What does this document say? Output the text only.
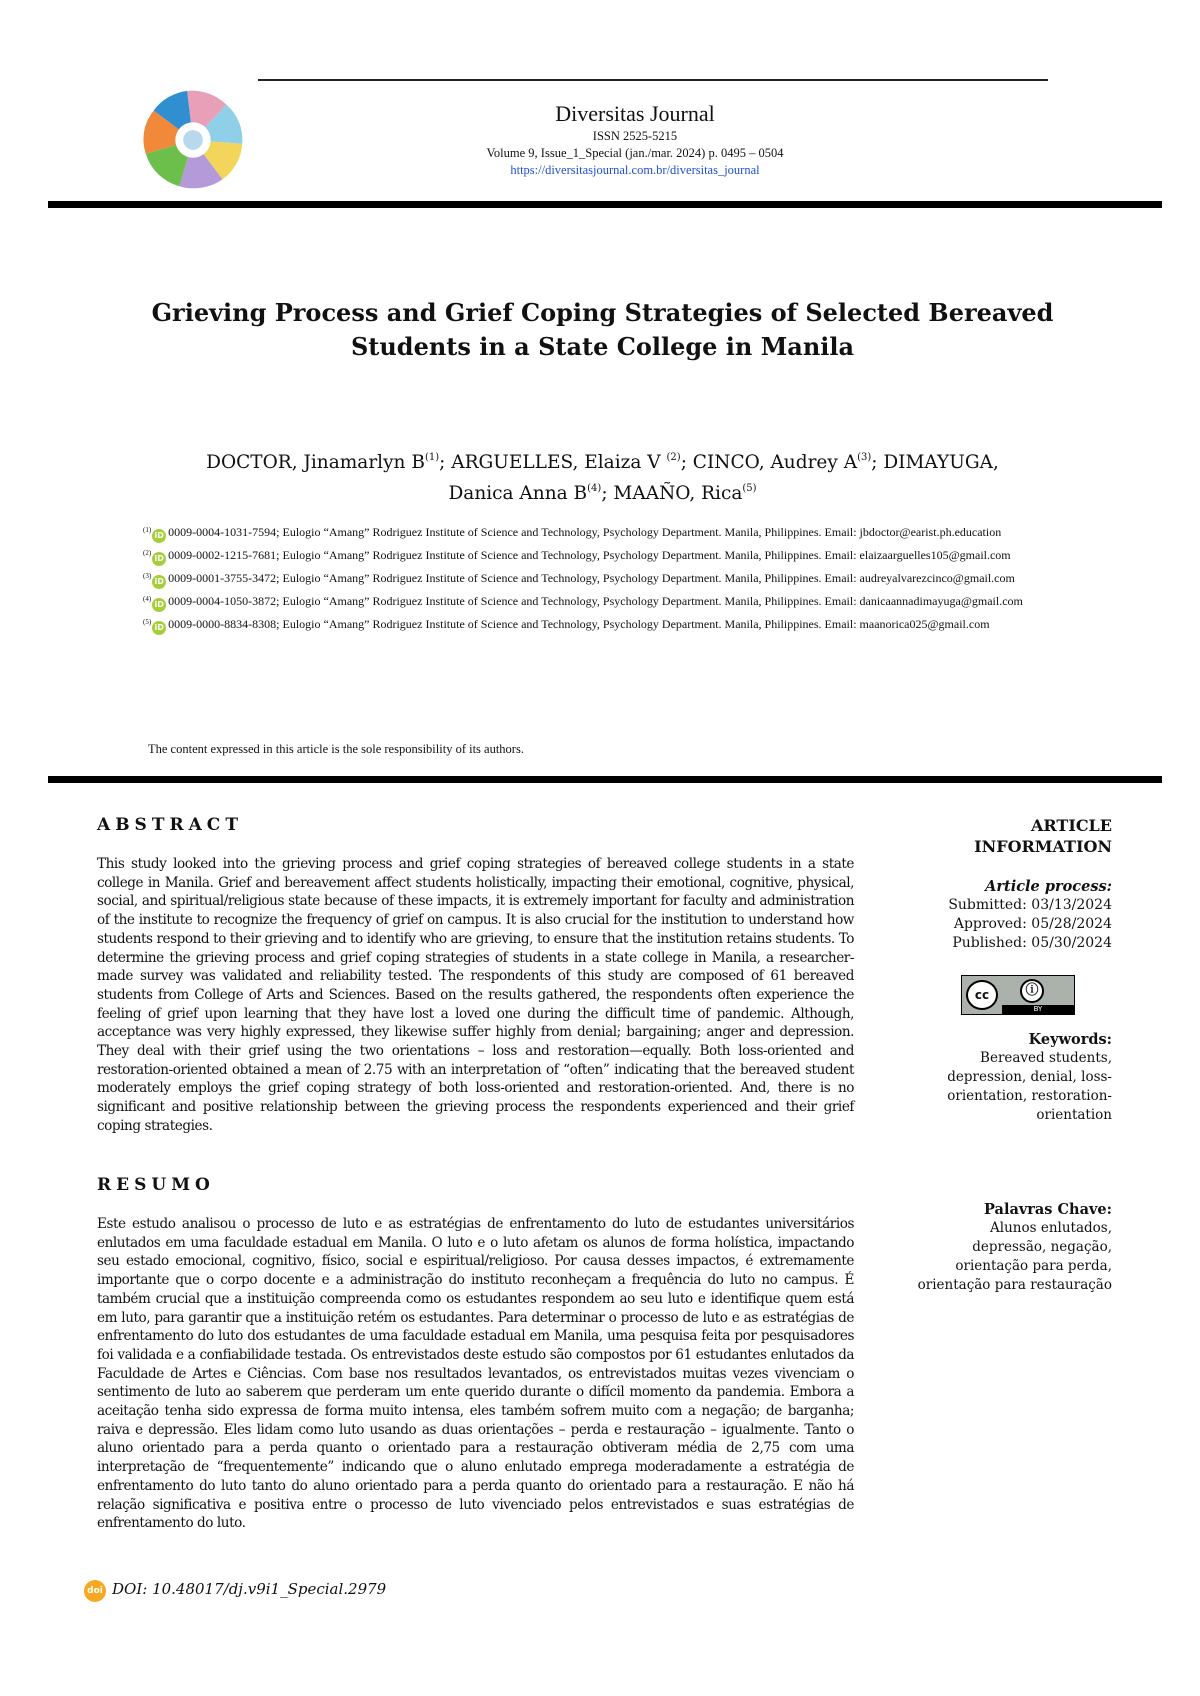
Diversitas Journal
ISSN 2525-5215
Volume 9, Issue_1_Special (jan./mar. 2024) p. 0495 – 0504
https://diversitasjournal.com.br/diversitas_journal
Grieving Process and Grief Coping Strategies of Selected Bereaved
Students in a State College in Manila
DOCTOR, Jinamarlyn $B^{(1)}$; ARGUELLES, Elaiza V $^{(2)}$; CINCO, Audrey $A^{(3)}$; DIMAYUGA,
Danica Anna $B^{(4)}$; MAAÑO, Rica$^{(5)}$
$^{(1)}$iD 0009-0004-1031-7594; Eulogio “Amang” Rodriguez Institute of Science and Technology, Psychology Department. Manila, Philippines. Email: jbdoctor@earist.ph.education
$^{(2)}$iD 0009-0002-1215-7681; Eulogio “Amang” Rodriguez Institute of Science and Technology, Psychology Department. Manila, Philippines. Email: elaizaarguelles105@gmail.com
$^{(3)}$iD 0009-0001-3755-3472; Eulogio “Amang” Rodriguez Institute of Science and Technology, Psychology Department. Manila, Philippines. Email: audreyalvarezcinco@gmail.com
$^{(4)}$iD 0009-0004-1050-3872; Eulogio “Amang” Rodriguez Institute of Science and Technology, Psychology Department. Manila, Philippines. Email: danicaannadimayuga@gmail.com
$^{(5)}$iD 0009-0000-8834-8308; Eulogio “Amang” Rodriguez Institute of Science and Technology, Psychology Department. Manila, Philippines. Email: maanorica025@gmail.com
The content expressed in this article is the sole responsibility of its authors.
ABSTRACT
This study looked into the grieving process and grief coping strategies of bereaved college students in a state college in Manila. Grief and bereavement affect students holistically, impacting their emotional, cognitive, physical, social, and spiritual/religious state because of these impacts, it is extremely important for faculty and administration of the institute to recognize the frequency of grief on campus. It is also crucial for the institution to understand how students respond to their grieving and to identify who are grieving, to ensure that the institution retains students. To determine the grieving process and grief coping strategies of students in a state college in Manila, a researcher-made survey was validated and reliability tested. The respondents of this study are composed of 61 bereaved students from College of Arts and Sciences. Based on the results gathered, the respondents often experience the feeling of grief upon learning that they have lost a loved one during the difficult time of pandemic. Although, acceptance was very highly expressed, they likewise suffer highly from denial; bargaining; anger and depression. They deal with their grief using the two orientations – loss and restoration—equally. Both loss-oriented and restoration-oriented obtained a mean of 2.75 with an interpretation of “often” indicating that the bereaved student moderately employs the grief coping strategy of both loss-oriented and restoration-oriented. And, there is no significant and positive relationship between the grieving process the respondents experienced and their grief coping strategies.
RESUMO
Este estudo analisou o processo de luto e as estratégias de enfrentamento do luto de estudantes universitários enlutados em uma faculdade estadual em Manila. O luto e o luto afetam os alunos de forma holística, impactando seu estado emocional, cognitivo, físico, social e espiritual/religioso. Por causa desses impactos, é extremamente importante que o corpo docente e a administração do instituto reconheçam a frequência do luto no campus. É também crucial que a instituição compreenda como os estudantes respondem ao seu luto e identifique quem está em luto, para garantir que a instituição retém os estudantes. Para determinar o processo de luto e as estratégias de enfrentamento do luto dos estudantes de uma faculdade estadual em Manila, uma pesquisa feita por pesquisadores foi validada e a confiabilidade testada. Os entrevistados deste estudo são compostos por 61 estudantes enlutados da Faculdade de Artes e Ciências. Com base nos resultados levantados, os entrevistados muitas vezes vivenciam o sentimento de luto ao saberem que perderam um ente querido durante o difícil momento da pandemia. Embora a aceitação tenha sido expressa de forma muito intensa, eles também sofrem muito com a negação; de barganha; raiva e depressão. Eles lidam como luto usando as duas orientações – perda e restauração – igualmente. Tanto o aluno orientado para a perda quanto o orientado para a restauração obtiveram média de 2,75 com uma interpretação de “frequentemente” indicando que o aluno enlutado emprega moderadamente a estratégia de enfrentamento do luto tanto do aluno orientado para a perda quanto do orientado para a restauração. E não há relação significativa e positiva entre o processo de luto vivenciado pelos entrevistados e suas estratégias de enfrentamento do luto.
ARTICLE
INFORMATION
Article process:
Submitted: 03/13/2024
Approved: 05/28/2024
Published: 05/30/2024
cc	ⓘ
BY
Keywords:
Bereaved students,
depression, denial, loss-
orientation, restoration-
orientation
Palavras Chave:
Alunos enlutados,
depressão, negação,
orientação para perda,
orientação para restauração
doi DOI: 10.48017/dj.v9i1_Special.2979
